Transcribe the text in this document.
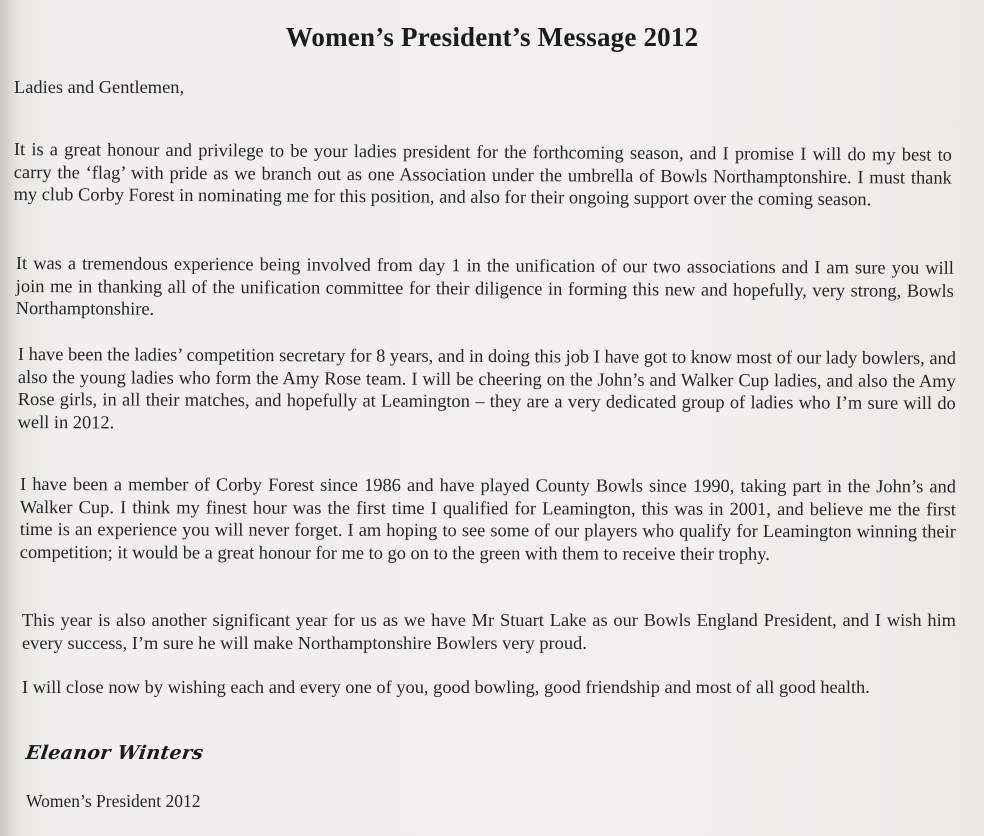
Women’s President’s Message 2012

Ladies and Gentlemen,

It is a great honour and privilege to be your ladies president for the forthcoming season, and I promise I will do my best to carry the ‘flag’ with pride as we branch out as one Association under the umbrella of Bowls Northamptonshire. I must thank my club Corby Forest in nominating me for this position, and also for their ongoing support over the coming season.

It was a tremendous experience being involved from day 1 in the unification of our two associations and I am sure you will join me in thanking all of the unification committee for their diligence in forming this new and hopefully, very strong, Bowls Northamptonshire.

I have been the ladies’ competition secretary for 8 years, and in doing this job I have got to know most of our lady bowlers, and also the young ladies who form the Amy Rose team. I will be cheering on the John’s and Walker Cup ladies, and also the Amy Rose girls, in all their matches, and hopefully at Leamington – they are a very dedicated group of ladies who I’m sure will do well in 2012.

I have been a member of Corby Forest since 1986 and have played County Bowls since 1990, taking part in the John’s and Walker Cup. I think my finest hour was the first time I qualified for Leamington, this was in 2001, and believe me the first time is an experience you will never forget. I am hoping to see some of our players who qualify for Leamington winning their competition; it would be a great honour for me to go on to the green with them to receive their trophy.

This year is also another significant year for us as we have Mr Stuart Lake as our Bowls England President, and I wish him every success, I’m sure he will make Northamptonshire Bowlers very proud.

I will close now by wishing each and every one of you, good bowling, good friendship and most of all good health.

Eleanor Winters
Women’s President 2012
